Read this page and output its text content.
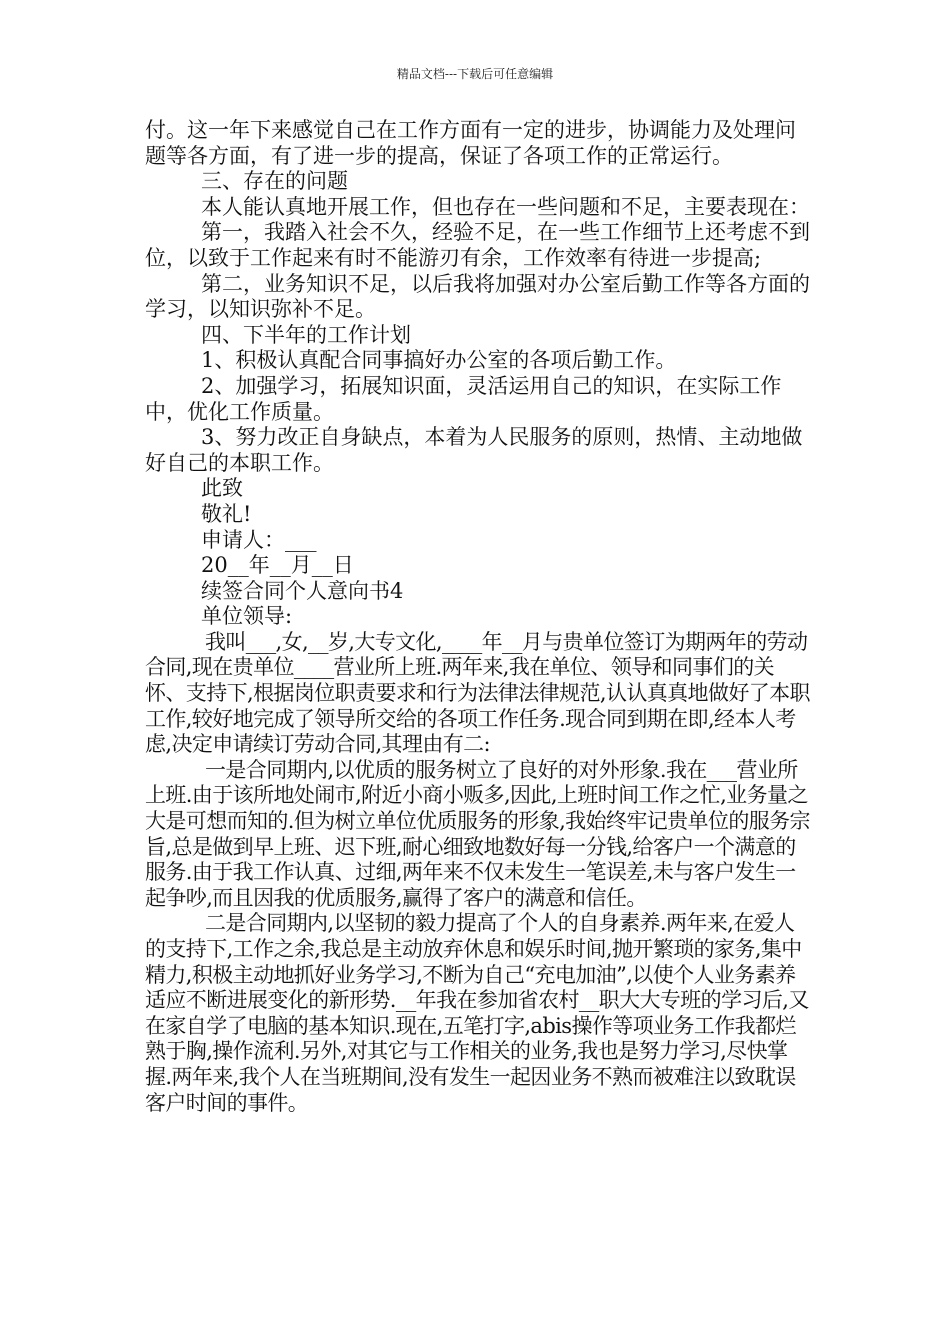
精品文档---下载后可任意编辑

付。这一年下来感觉自己在工作方面有一定的进步，协调能力及处理问题等各方面，有了进一步的提高，保证了各项工作的正常运行。

三、存在的问题

本人能认真地开展工作，但也存在一些问题和不足，主要表现在：

第一，我踏入社会不久，经验不足，在一些工作细节上还考虑不到位，以致于工作起来有时不能游刃有余，工作效率有待进一步提高;

第二，业务知识不足，以后我将加强对办公室后勤工作等各方面的学习，以知识弥补不足。

四、下半年的工作计划

1、积极认真配合同事搞好办公室的各项后勤工作。

2、加强学习，拓展知识面，灵活运用自己的知识，在实际工作中，优化工作质量。

3、努力改正自身缺点，本着为人民服务的原则，热情、主动地做好自己的本职工作。

此致

敬礼!

申请人：___

20__年__月__日

续签合同个人意向书4

单位领导:

我叫___,女,__岁,大专文化,____年__月与贵单位签订为期两年的劳动合同,现在贵单位____营业所上班.两年来,我在单位、领导和同事们的关怀、支持下,根据岗位职责要求和行为法律法律规范,认认真真地做好了本职工作,较好地完成了领导所交给的各项工作任务.现合同到期在即,经本人考虑,决定申请续订劳动合同,其理由有二:

一是合同期内,以优质的服务树立了良好的对外形象.我在___营业所上班.由于该所地处闹市,附近小商小贩多,因此,上班时间工作之忙,业务量之大是可想而知的.但为树立单位优质服务的形象,我始终牢记贵单位的服务宗旨,总是做到早上班、迟下班,耐心细致地数好每一分钱,给客户一个满意的服务.由于我工作认真、过细,两年来不仅未发生一笔误差,未与客户发生一起争吵,而且因我的优质服务,赢得了客户的满意和信任。

二是合同期内,以坚韧的毅力提高了个人的自身素养.两年来,在爱人的支持下,工作之余,我总是主动放弃休息和娱乐时间,抛开繁琐的家务,集中精力,积极主动地抓好业务学习,不断为自己“充电加油”,以使个人业务素养适应不断进展变化的新形势.__年我在参加省农村__职大大专班的学习后,又在家自学了电脑的基本知识.现在,五笔打字,abis操作等项业务工作我都烂熟于胸,操作流利.另外,对其它与工作相关的业务,我也是努力学习,尽快掌握.两年来,我个人在当班期间,没有发生一起因业务不熟而被难注以致耽误客户时间的事件。
